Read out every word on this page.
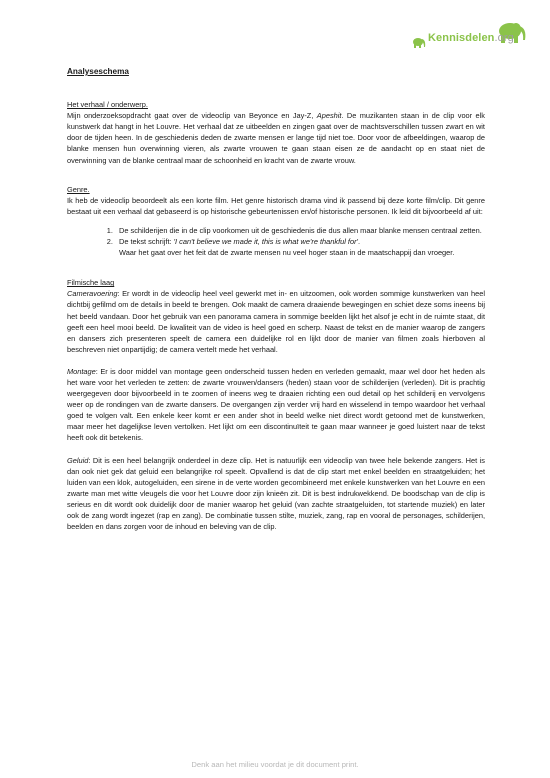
Kennisdelen.org
Analyseschema
Het verhaal / onderwerp.

Mijn onderzoeksopdracht gaat over de videoclip van Beyonce en Jay-Z, Apeshit. De muzikanten staan in de clip voor elk kunstwerk dat hangt in het Louvre. Het verhaal dat ze uitbeelden en zingen gaat over de machtsverschillen tussen zwart en wit door de tijden heen. In de geschiedenis deden de zwarte mensen er lange tijd niet toe. Door voor de afbeeldingen, waarop de blanke mensen hun overwinning vieren, als zwarte vrouwen te gaan staan eisen ze de aandacht op en staat niet de overwinning van de blanke centraal maar de schoonheid en kracht van de zwarte vrouw.

Genre.

Ik heb de videoclip beoordeelt als een korte film. Het genre historisch drama vind ik passend bij deze korte film/clip. Dit genre bestaat uit een verhaal dat gebaseerd is op historische gebeurtenissen en/of historische personen. Ik leid dit bijvoorbeeld af uit:

1. De schilderijen die in de clip voorkomen uit de geschiedenis die dus allen maar blanke mensen centraal zetten.
2. De tekst schrijft: 'I can't believe we made it, this is what we're thankful for'.
Waar het gaat over het feit dat de zwarte mensen nu veel hoger staan in de maatschappij dan vroeger.
Filmische laag

Cameravoering: Er wordt in de videoclip heel veel gewerkt met in- en uitzoomen, ook worden sommige kunstwerken van heel dichtbij gefilmd om de details in beeld te brengen. Ook maakt de camera draaiende bewegingen en schiet deze soms ineens bij het beeld vandaan. Door het gebruik van een panorama camera in sommige beelden lijkt het alsof je echt in de ruimte staat, dit geeft een heel mooi beeld. De kwaliteit van de video is heel goed en scherp. Naast de tekst en de manier waarop de zangers en dansers zich presenteren speelt de camera een duidelijke rol en lijkt door de manier van filmen zoals hierboven al beschreven niet onpartijdig; de camera vertelt mede het verhaal.

Montage: Er is door middel van montage geen onderscheid tussen heden en verleden gemaakt, maar wel door het heden als het ware voor het verleden te zetten: de zwarte vrouwen/dansers (heden) staan voor de schilderijen (verleden). Dit is prachtig weergegeven door bijvoorbeeld in te zoomen of ineens weg te draaien richting een oud detail op het schilderij en vervolgens weer op de rondingen van de zwarte dansers. De overgangen zijn verder vrij hard en wisselend in tempo waardoor het verhaal goed te volgen valt. Een enkele keer komt er een ander shot in beeld welke niet direct wordt getoond met de kunstwerken, maar meer het dagelijkse leven vertolken. Het lijkt om een discontinuïteit te gaan maar wanneer je goed luistert naar de tekst heeft ook dit betekenis.

Geluid: Dit is een heel belangrijk onderdeel in deze clip. Het is natuurlijk een videoclip van twee hele bekende zangers. Het is dan ook niet gek dat geluid een belangrijke rol speelt. Opvallend is dat de clip start met enkel beelden en straatgeluiden; het luiden van een klok, autogeluiden, een sirene in de verte worden gecombineerd met enkele kunstwerken van het Louvre en een zwarte man met witte vleugels die voor het Louvre door zijn knieën zit. Dit is best indrukwekkend. De boodschap van de clip is serieus en dit wordt ook duidelijk door de manier waarop het geluid (van zachte straatgeluiden, tot startende muziek) en later ook de zang wordt ingezet (rap en zang). De combinatie tussen stilte, muziek, zang, rap en vooral de personages, schilderijen, beelden en dans zorgen voor de inhoud en beleving van de clip.

Denk aan het milieu voordat je dit document print.
